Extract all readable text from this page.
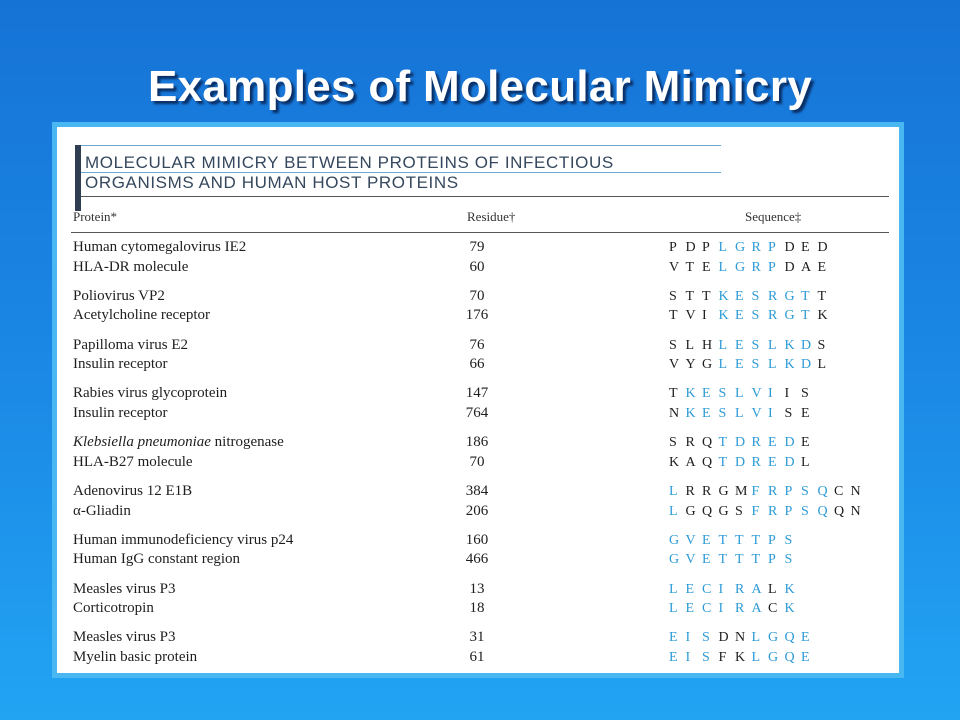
Examples of Molecular Mimicry
MOLECULAR MIMICRY BETWEEN PROTEINS OF INFECTIOUS
ORGANISMS AND HUMAN HOST PROTEINS
Protein*	Residue†	Sequence‡
Human cytomegalovirus IE2	79	P D P L G R P D E D
HLA-DR molecule	60	V T E L G R P D A E
Poliovirus VP2	70	S T T K E S R G T T
Acetylcholine receptor	176	T V I K E S R G T K
Papilloma virus E2	76	S L H L E S L K D S
Insulin receptor	66	V Y G L E S L K D L
Rabies virus glycoprotein	147	T K E S L V I I S
Insulin receptor	764	N K E S L V I S E
Klebsiella pneumoniae nitrogenase	186	S R Q T D R E D E
HLA-B27 molecule	70	K A Q T D R E D L
Adenovirus 12 E1B	384	L R R G M F R P S Q C N
α-Gliadin	206	L G Q G S F R P S Q Q N
Human immunodeficiency virus p24	160	G V E T T T P S
Human IgG constant region	466	G V E T T T P S
Measles virus P3	13	L E C I R A L K
Corticotropin	18	L E C I R A C K
Measles virus P3	31	E I S D N L G Q E
Myelin basic protein	61	E I S F K L G Q E
